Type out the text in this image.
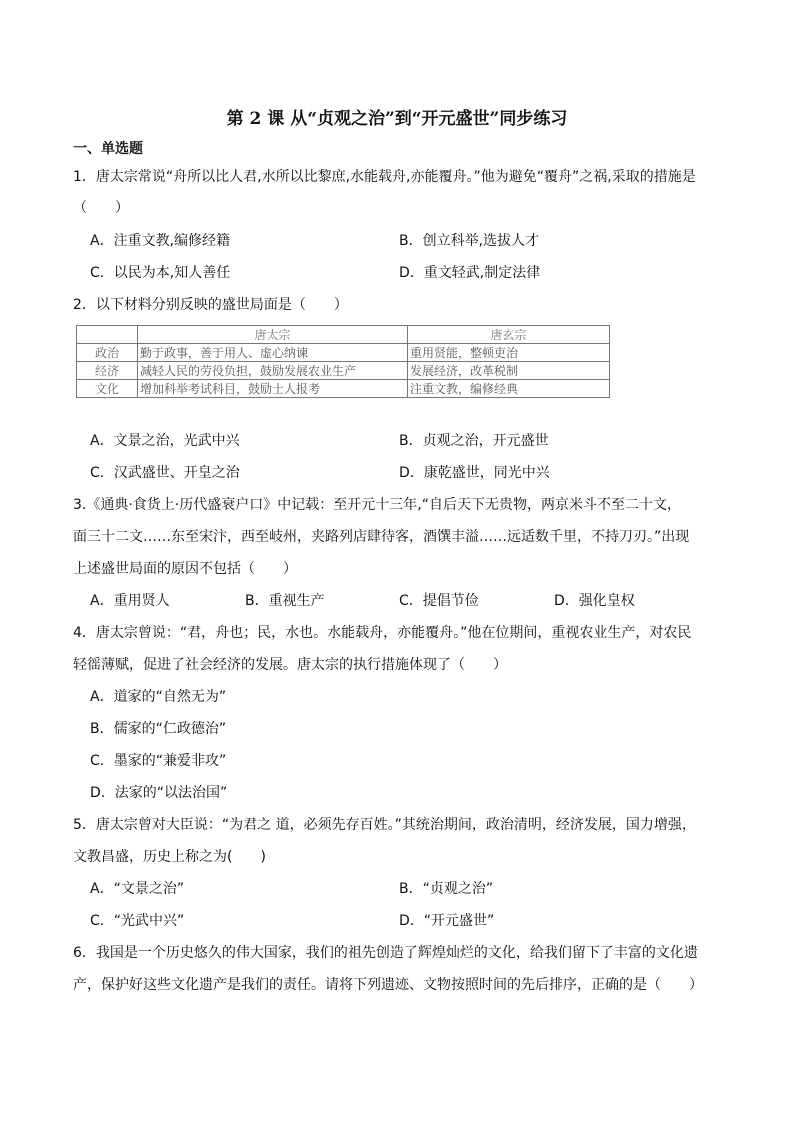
第 2 课 从“贞观之治”到“开元盛世”同步练习
一、单选题
1．唐太宗常说“舟所以比人君,水所以比黎庶,水能载舟,亦能覆舟。”他为避免“覆舟”之祸,采取的措施是
（　　）
A．注重文教,编修经籍	B．创立科举,选拔人才
C．以民为本,知人善任	D．重文轻武,制定法律
2．以下材料分别反映的盛世局面是（　　）
	唐太宗	唐玄宗
政治	勤于政事，善于用人、虚心纳谏	重用贤能，整顿吏治
经济	减轻人民的劳役负担，鼓励发展农业生产	发展经济，改革税制
文化	增加科举考试科目，鼓励士人报考	注重文教，编修经典
A．文景之治，光武中兴	B．贞观之治，开元盛世
C．汉武盛世、开皇之治	D．康乾盛世，同光中兴
3.《通典·食货上·历代盛衰户口》中记载：至开元十三年,“自后天下无贵物，两京米斗不至二十文，
面三十二文……东至宋汴，西至岐州，夹路列店肆待客，酒馔丰溢……远适数千里，不持刀刃。”出现
上述盛世局面的原因不包括（　　）
A．重用贤人	B．重视生产	C．提倡节俭	D．强化皇权
4．唐太宗曾说：“君，舟也；民，水也。水能载舟，亦能覆舟。”他在位期间，重视农业生产，对农民
轻徭薄赋，促进了社会经济的发展。唐太宗的执行措施体现了（　　）
A．道家的“自然无为”
B．儒家的“仁政德治”
C．墨家的“兼爱非攻”
D．法家的“以法治国”
5．唐太宗曾对大臣说：“为君之 道，必须先存百姓。”其统治期间，政治清明，经济发展，国力增强，
文教昌盛，历史上称之为(　　)
A．“文景之治”	B．“贞观之治”
C．“光武中兴”	D．“开元盛世”
6．我国是一个历史悠久的伟大国家，我们的祖先创造了辉煌灿烂的文化，给我们留下了丰富的文化遗
产，保护好这些文化遗产是我们的责任。请将下列遗迹、文物按照时间的先后排序，正确的是（　　）
